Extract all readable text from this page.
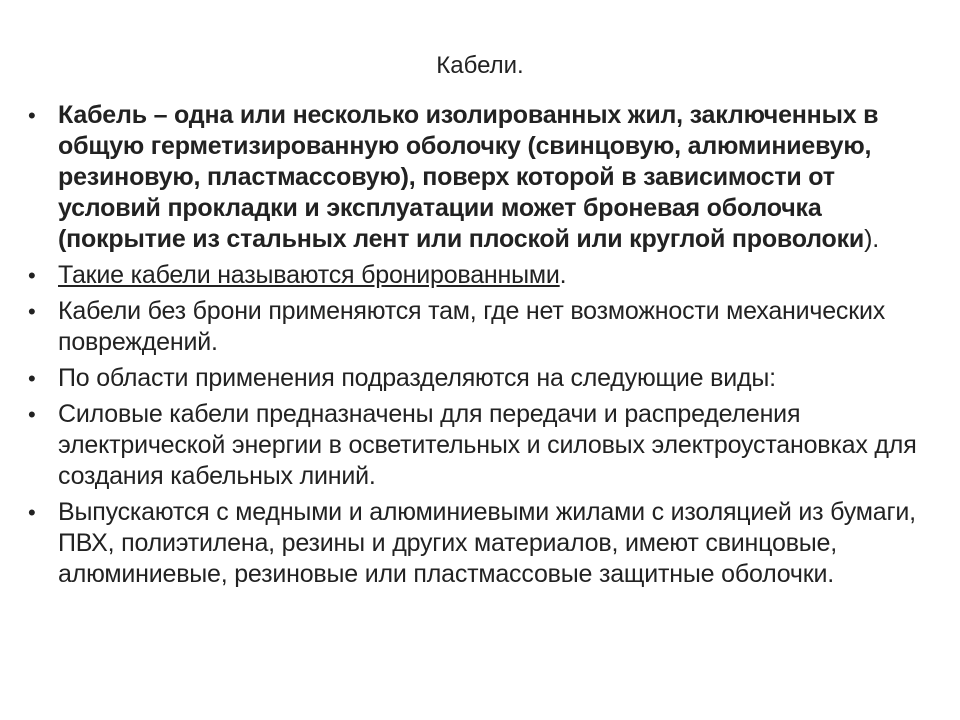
Кабели.
• Кабель – одна или несколько изолированных жил, заключенных в общую герметизированную оболочку (свинцовую, алюминиевую, резиновую, пластмассовую), поверх которой в зависимости от условий прокладки и эксплуатации может броневая оболочка (покрытие из стальных лент или плоской или круглой проволоки).
• Такие кабели называются бронированными.
• Кабели без брони применяются там, где нет возможности механических повреждений.
• По области применения подразделяются на следующие виды:
• Силовые кабели предназначены для передачи и распределения электрической энергии в осветительных и силовых электроустановках для создания кабельных линий.
• Выпускаются с медными и алюминиевыми жилами с изоляцией из бумаги, ПВХ, полиэтилена, резины и других материалов, имеют свинцовые, алюминиевые, резиновые или пластмассовые защитные оболочки.
